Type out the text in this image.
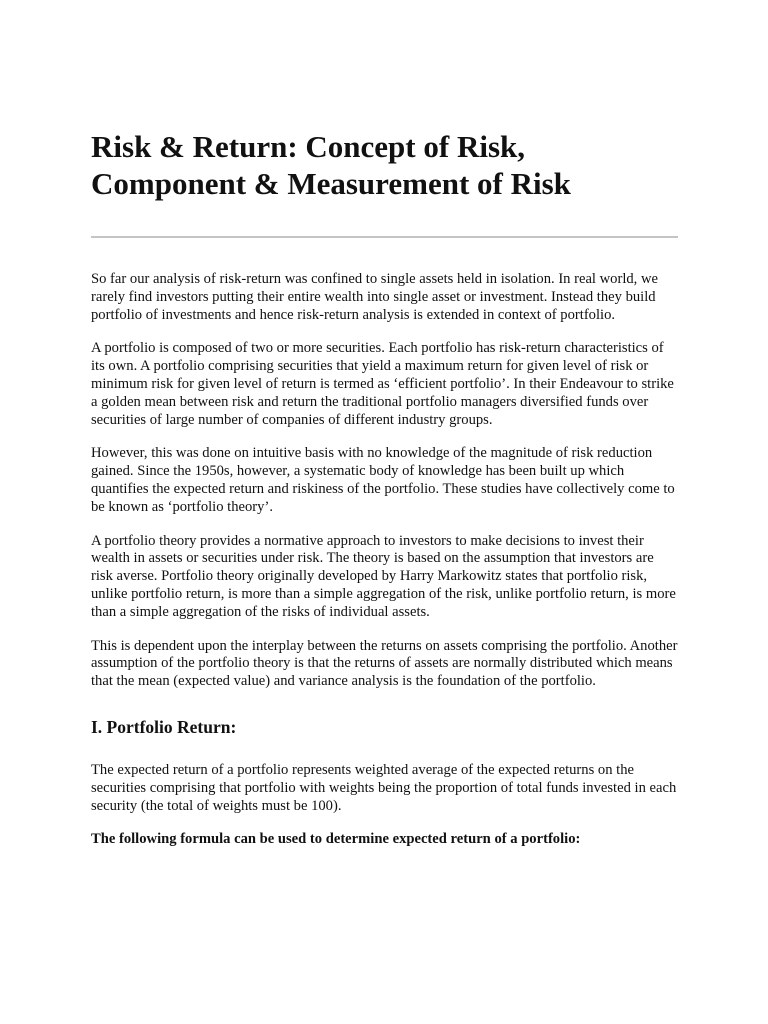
Risk & Return: Concept of Risk, Component & Measurement of Risk

So far our analysis of risk-return was confined to single assets held in isolation. In real world, we rarely find investors putting their entire wealth into single asset or investment. Instead they build portfolio of investments and hence risk-return analysis is extended in context of portfolio.

A portfolio is composed of two or more securities. Each portfolio has risk-return characteristics of its own. A portfolio comprising securities that yield a maximum return for given level of risk or minimum risk for given level of return is termed as ‘efficient portfolio’. In their Endeavour to strike a golden mean between risk and return the traditional portfolio managers diversified funds over securities of large number of companies of different industry groups.

However, this was done on intuitive basis with no knowledge of the magnitude of risk reduction gained. Since the 1950s, however, a systematic body of knowledge has been built up which quantifies the expected return and riskiness of the portfolio. These studies have collectively come to be known as ‘portfolio theory’.

A portfolio theory provides a normative approach to investors to make decisions to invest their wealth in assets or securities under risk. The theory is based on the assumption that investors are risk averse. Portfolio theory originally developed by Harry Markowitz states that portfolio risk, unlike portfolio return, is more than a simple aggregation of the risk, unlike portfolio return, is more than a simple aggregation of the risks of individual assets.

This is dependent upon the interplay between the returns on assets comprising the portfolio. Another assumption of the portfolio theory is that the returns of assets are normally distributed which means that the mean (expected value) and variance analysis is the foundation of the portfolio.

I. Portfolio Return:

The expected return of a portfolio represents weighted average of the expected returns on the securities comprising that portfolio with weights being the proportion of total funds invested in each security (the total of weights must be 100).

The following formula can be used to determine expected return of a portfolio:
